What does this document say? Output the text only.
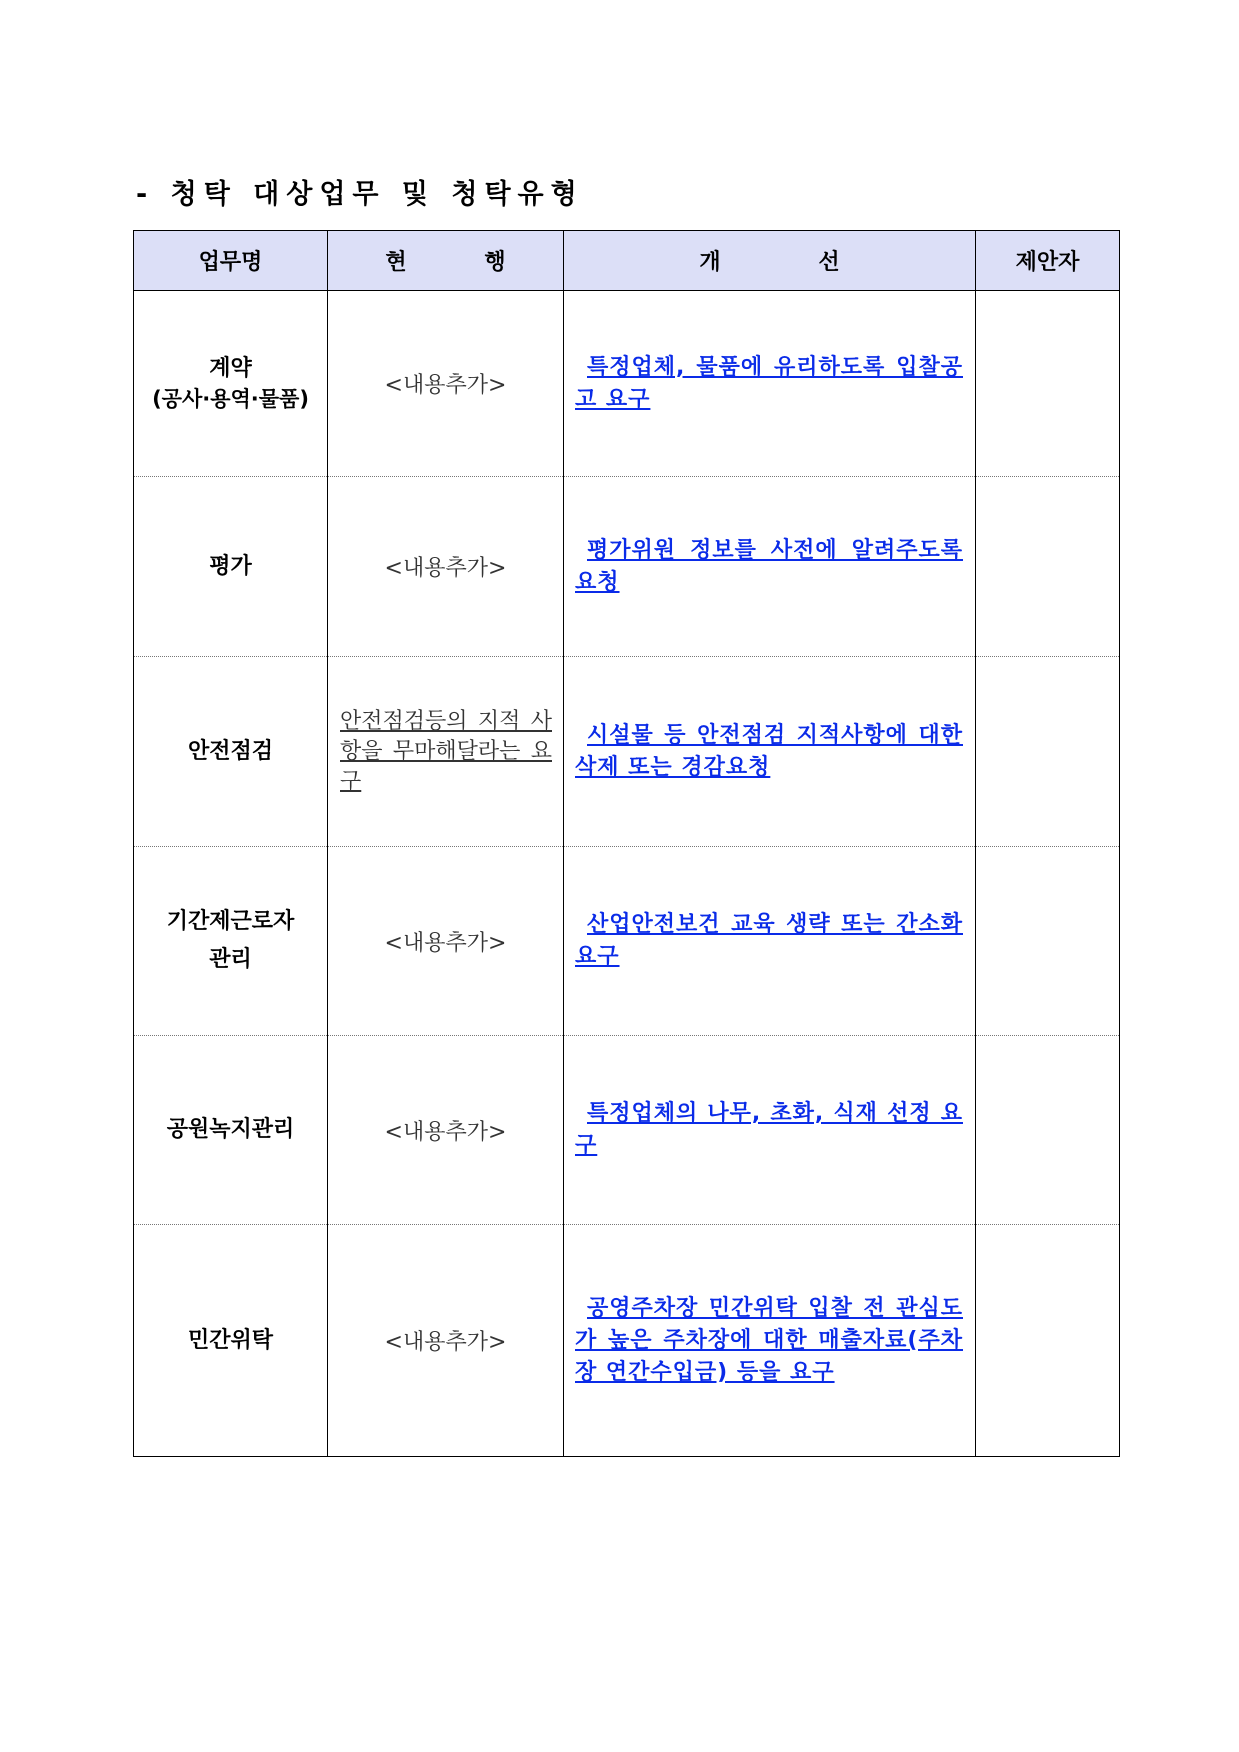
- 청탁 대상업무 및 청탁유형
업무명	현 행	개 선	제안자

계약
(공사·용역·물품)	<내용추가>	특정업체, 물품에 유리하도록 입찰공고 요구	

평가	<내용추가>	평가위원 정보를 사전에 알려주도록 요청	

안전점검	안전점검등의 지적 사항을 무마해달라는 요구	시설물 등 안전점검 지적사항에 대한 삭제 또는 경감요청	

기간제근로자
관리	<내용추가>	산업안전보건 교육 생략 또는 간소화 요구	

공원녹지관리	<내용추가>	특정업체의 나무, 초화, 식재 선정 요구	

민간위탁	<내용추가>	공영주차장 민간위탁 입찰 전 관심도가 높은 주차장에 대한 매출자료(주차장 연간수입금) 등을 요구	
